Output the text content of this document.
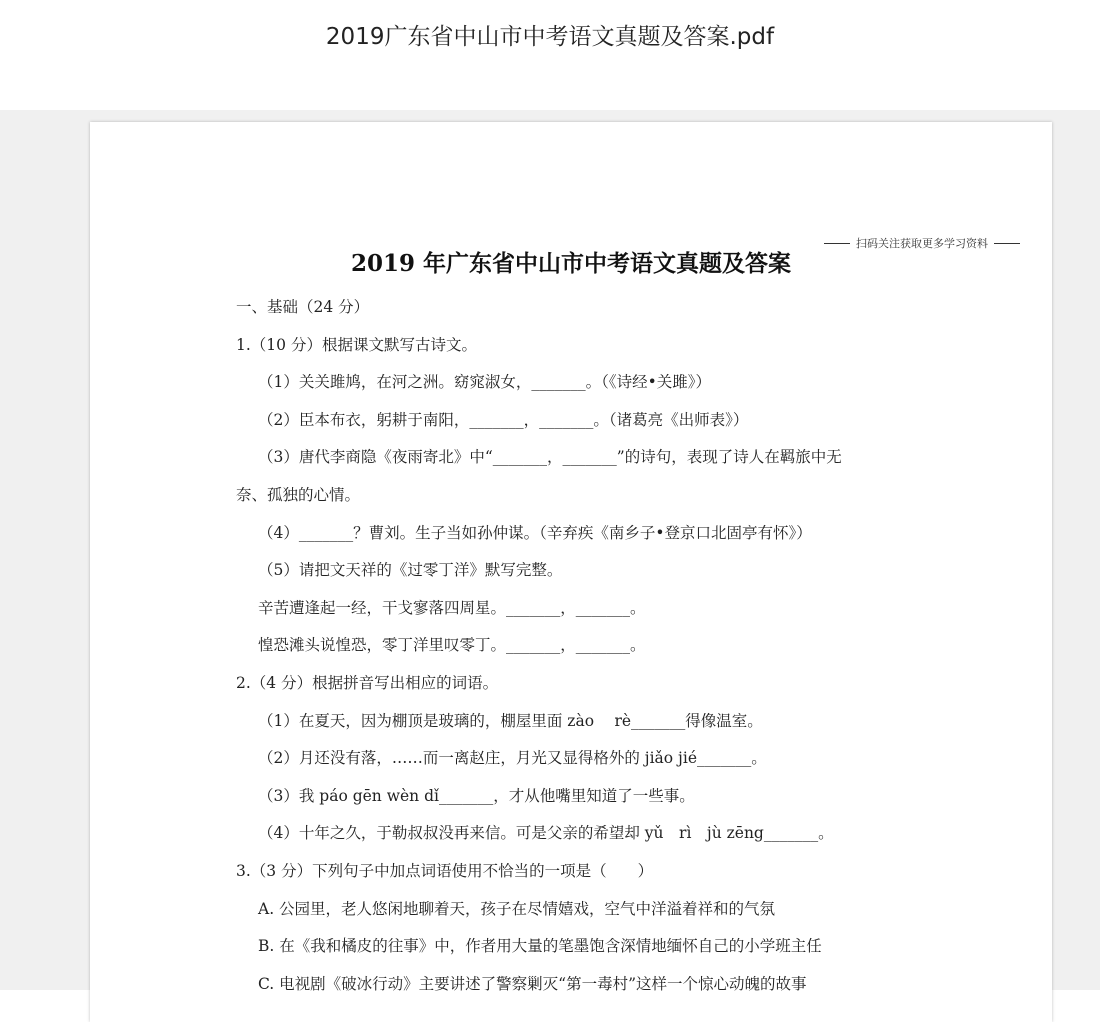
2019广东省中山市中考语文真题及答案.pdf
扫码关注获取更多学习资料
2019 年广东省中山市中考语文真题及答案
一、基础（24 分）
1.（10 分）根据课文默写古诗文。
（1）关关雎鸠，在河之洲。窈窕淑女，_______。（《诗经•关雎》）
（2）臣本布衣，躬耕于南阳，_______，_______。（诸葛亮《出师表》）
（3）唐代李商隐《夜雨寄北》中“_______，_______”的诗句，表现了诗人在羁旅中无
奈、孤独的心情。
（4）_______？曹刘。生子当如孙仲谋。（辛弃疾《南乡子•登京口北固亭有怀》）
（5）请把文天祥的《过零丁洋》默写完整。
辛苦遭逢起一经，干戈寥落四周星。_______，_______。
惶恐滩头说惶恐，零丁洋里叹零丁。_______，_______。
2.（4 分）根据拼音写出相应的词语。
（1）在夏天，因为棚顶是玻璃的，棚屋里面 zào　 rè_______得像温室。
（2）月还没有落，……而一离赵庄，月光又显得格外的 jiǎo jié_______。
（3）我 páo gēn wèn dǐ_______，才从他嘴里知道了一些事。
（4）十年之久，于勒叔叔没再来信。可是父亲的希望却 yǔ　rì　jù zēng_______。
3.（3 分）下列句子中加点词语使用不恰当的一项是（　　）
A. 公园里，老人悠闲地聊着天，孩子在尽情嬉戏，空气中洋溢着祥和的气氛
B. 在《我和橘皮的往事》中，作者用大量的笔墨饱含深情地缅怀自己的小学班主任
C. 电视剧《破冰行动》主要讲述了警察剿灭“第一毒村”这样一个惊心动魄的故事
